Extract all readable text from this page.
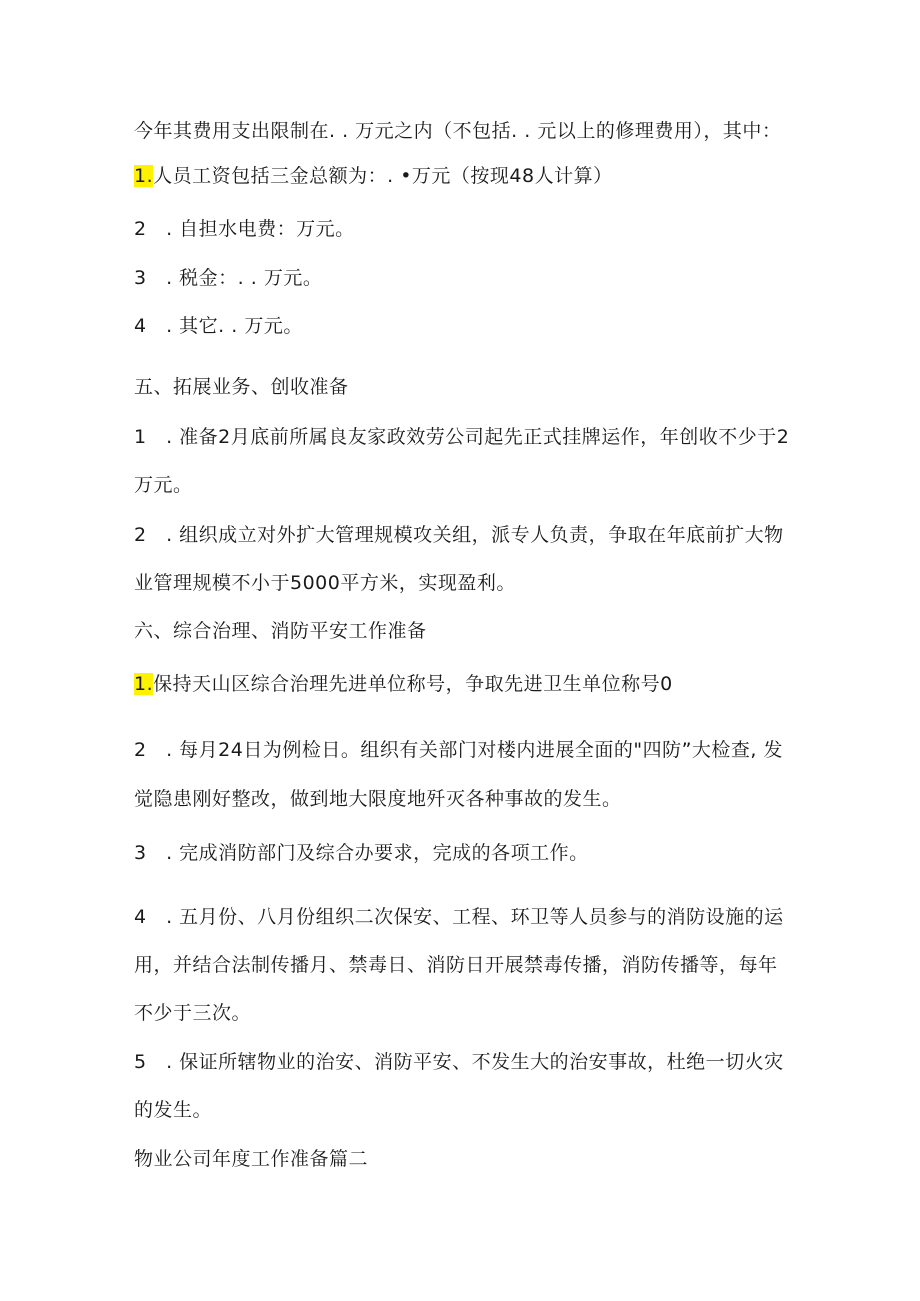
今年其费用支出限制在. . 万元之内（不包括. . 元以上的修理费用），其中：
1.人员工资包括三金总额为：. •万元（按现48人计算）
2 . 自担水电费：万元。
3 . 税金：. . 万元。
4 . 其它. . 万元。
五、拓展业务、创收准备
1 . 准备2月底前所属良友家政效劳公司起先正式挂牌运作，年创收不少于2
万元。
2 . 组织成立对外扩大管理规模攻关组，派专人负责，争取在年底前扩大物
业管理规模不小于5000平方米，实现盈利。
六、综合治理、消防平安工作准备
1.保持天山区综合治理先进单位称号，争取先进卫生单位称号0
2 . 每月24日为例检日。组织有关部门对楼内进展全面的"四防”大检查, 发
觉隐患刚好整改，做到地大限度地歼灭各种事故的发生。
3 . 完成消防部门及综合办要求，完成的各项工作。
4 . 五月份、八月份组织二次保安、工程、环卫等人员参与的消防设施的运
用，并结合法制传播月、禁毒日、消防日开展禁毒传播，消防传播等，每年
不少于三次。
5 . 保证所辖物业的治安、消防平安、不发生大的治安事故，杜绝一切火灾
的发生。
物业公司年度工作准备篇二
